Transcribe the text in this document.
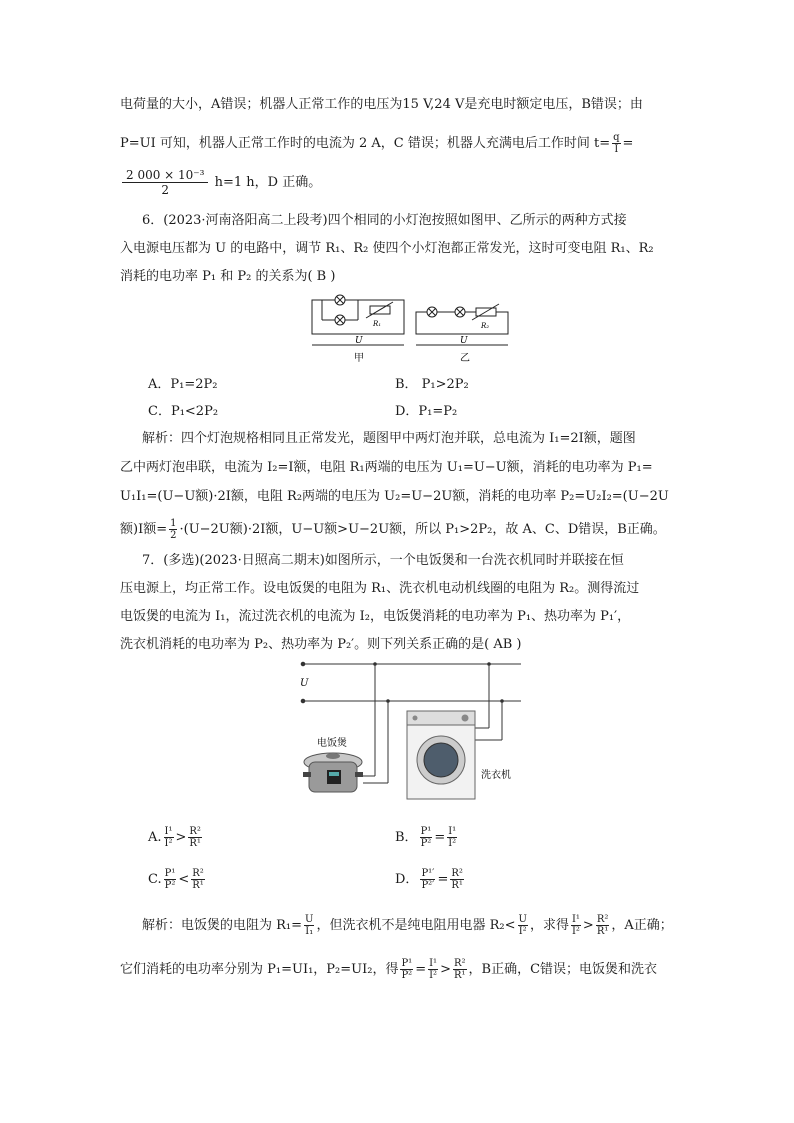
电荷量的大小，A错误；机器人正常工作的电压为15 V,24 V是充电时额定电压，B错误；由
P=UI 可知，机器人正常工作时的电流为 2 A，C 错误；机器人充满电后工作时间 $t= \frac{q}{I}$ =
$\frac{\text{2 000 × 10⁻³}}{2} h=1$ h，D 正确。
6．(2023·河南洛阳高二上段考)四个相同的小灯泡按照如图甲、乙所示的两种方式接
入电源电压都为 U 的电路中，调节 R₁、R₂ 使四个小灯泡都正常发光，这时可变电阻 R₁、R₂
消耗的电功率 P₁ 和 P₂ 的关系为( B )
R₁
U
甲
R₂
U
乙
A．P₁=2P₂	B． P₁>2P₂
C．P₁<2P₂	D．P₁=P₂
解析：四个灯泡规格相同且正常发光，题图甲中两灯泡并联，总电流为 I₁=2I额，题图
乙中两灯泡串联，电流为 I₂=I额，电阻 R₁两端的电压为 U₁=U−U额，消耗的电功率为 P₁=
U₁I₁=(U−U额)·2I额，电阻 R₂两端的电压为 U₂=U−2U额，消耗的电功率 P₂=U₂I₂=(U−2U
额)I额= $\frac{1}{2} \cdot(U-2U$额)·2I额，U−U额>U−2U额，所以 P₁>2P₂，故 A、C、D错误，B正确。
7．(多选)(2023·日照高二期末)如图所示，一个电饭煲和一台洗衣机同时并联接在恒
压电源上，均正常工作。设电饭煲的电阻为 R₁、洗衣机电动机线圈的电阻为 R₂。测得流过
电饭煲的电流为 I₁，流过洗衣机的电流为 I₂，电饭煲消耗的电功率为 P₁、热功率为 P₁′，
洗衣机消耗的电功率为 P₂、热功率为 P₂′。则下列关系正确的是( AB )
U
电饭煲
洗衣机
A. $\frac{\text{I¹}}{\text{I²}} > \frac{\text{R²}}{\text{R¹}}$	B． $\frac{\text{P¹}}{\text{P²}} = \frac{\text{I¹}}{\text{I²}}$
C. $\frac{\text{P¹}}{\text{P²}} < \frac{\text{R²}}{\text{R¹}}$	D． $\frac{\text{P¹′}}{\text{P²′}} = \frac{\text{R²}}{\text{R¹}}$
解析：电饭煲的电阻为 $R_1= \frac{U}{\text{I₁}}$ ，但洗衣机不是纯电阻用电器 $R_2< \frac{U}{\text{I²}}$ ，求得 $\frac{\text{I¹}}{\text{I²}} > \frac{\text{R²}}{\text{R¹}}$ ，A正确；
它们消耗的电功率分别为 P₁=UI₁，P₂=UI₂，得 $\frac{\text{P¹}}{\text{P²}} = \frac{\text{I¹}}{\text{I²}} > \frac{\text{R²}}{\text{R¹}}$ ，B正确，C错误；电饭煲和洗衣
